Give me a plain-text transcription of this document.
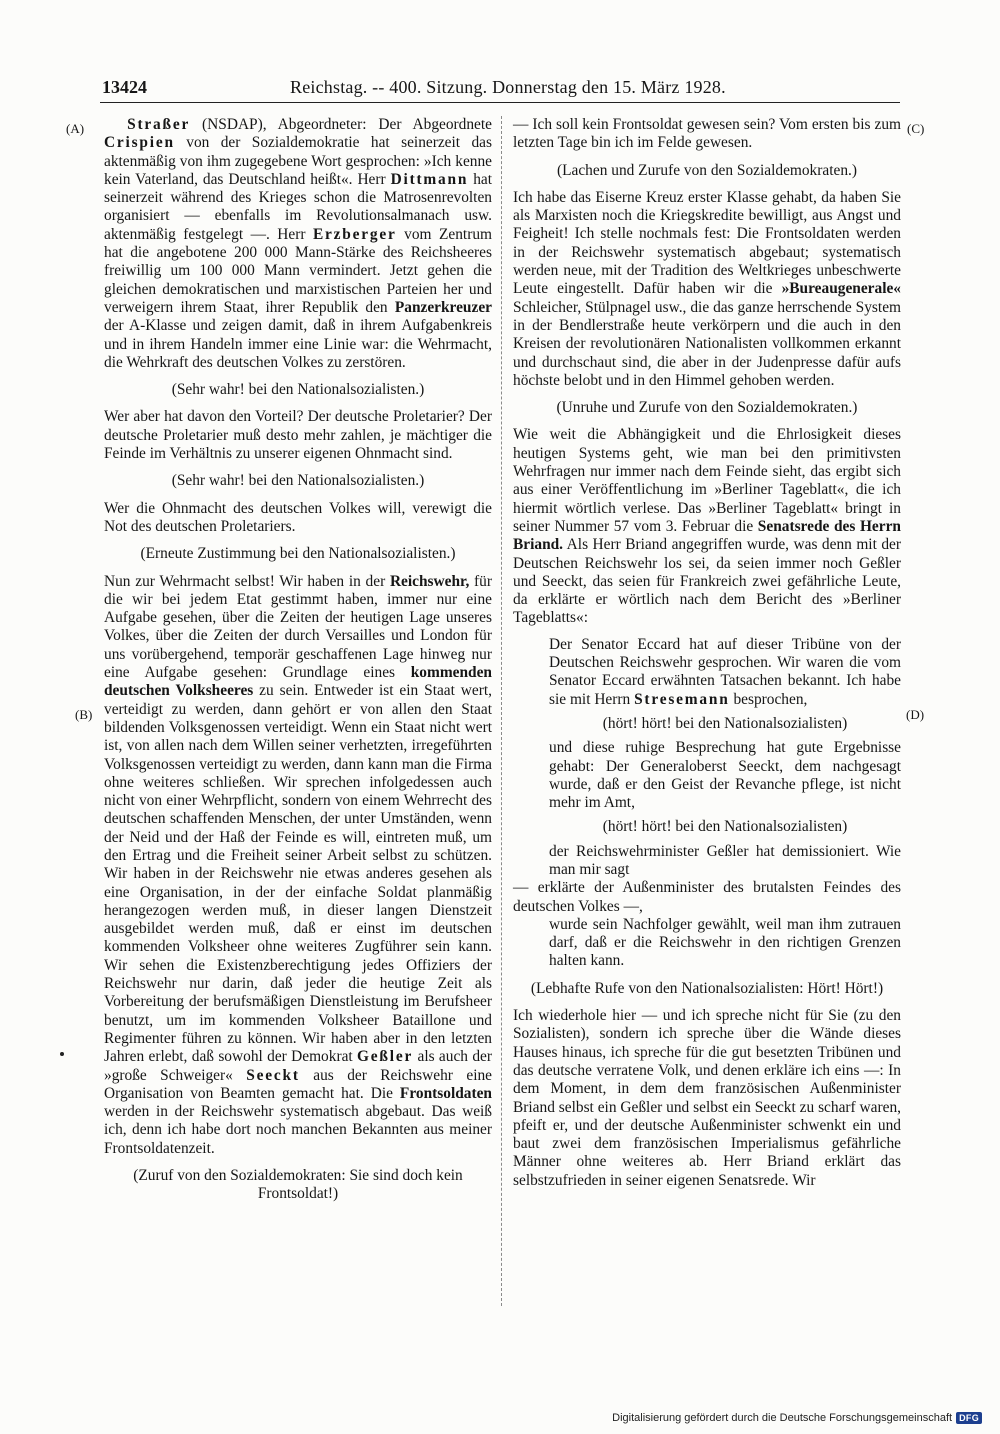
13424	Reichstag. -- 400. Sitzung. Donnerstag den 15. März 1928.
(A)
(B)
(C)
(D)

Straßer (NSDAP), Abgeordneter: Der Abgeordnete Crispien von der Sozialdemokratie hat seinerzeit das aktenmäßig von ihm zugegebene Wort gesprochen: »Ich kenne kein Vaterland, das Deutschland heißt«. Herr Dittmann hat seinerzeit während des Krieges schon die Matrosenrevolten organisiert — ebenfalls im Revolutionsalmanach usw. aktenmäßig festgelegt —. Herr Erzberger vom Zentrum hat die angebotene 200 000 Mann-Stärke des Reichsheeres freiwillig um 100 000 Mann vermindert. Jetzt gehen die gleichen demokratischen und marxistischen Parteien her und verweigern ihrem Staat, ihrer Republik den Panzerkreuzer der A-Klasse und zeigen damit, daß in ihrem Aufgabenkreis und in ihrem Handeln immer eine Linie war: die Wehrmacht, die Wehrkraft des deutschen Volkes zu zerstören.

(Sehr wahr! bei den Nationalsozialisten.)

Wer aber hat davon den Vorteil? Der deutsche Proletarier? Der deutsche Proletarier muß desto mehr zahlen, je mächtiger die Feinde im Verhältnis zu unserer eigenen Ohnmacht sind.

(Sehr wahr! bei den Nationalsozialisten.)

Wer die Ohnmacht des deutschen Volkes will, verewigt die Not des deutschen Proletariers.

(Erneute Zustimmung bei den Nationalsozialisten.)

Nun zur Wehrmacht selbst! Wir haben in der Reichswehr, für die wir bei jedem Etat gestimmt haben, immer nur eine Aufgabe gesehen, über die Zeiten der heutigen Lage unseres Volkes, über die Zeiten der durch Versailles und London für uns vorübergehend, temporär geschaffenen Lage hinweg nur eine Aufgabe gesehen: Grundlage eines kommenden deutschen Volksheeres zu sein. Entweder ist ein Staat wert, verteidigt zu werden, dann gehört er von allen den Staat bildenden Volksgenossen verteidigt. Wenn ein Staat nicht wert ist, von allen nach dem Willen seiner verhetzten, irregeführten Volksgenossen verteidigt zu werden, dann kann man die Firma ohne weiteres schließen. Wir sprechen infolgedessen auch nicht von einer Wehrpflicht, sondern von einem Wehrrecht des deutschen schaffenden Menschen, der unter Umständen, wenn der Neid und der Haß der Feinde es will, eintreten muß, um den Ertrag und die Freiheit seiner Arbeit selbst zu schützen. Wir haben in der Reichswehr nie etwas anderes gesehen als eine Organisation, in der der einfache Soldat planmäßig herangezogen werden muß, in dieser langen Dienstzeit ausgebildet werden muß, daß er einst im deutschen kommenden Volksheer ohne weiteres Zugführer sein kann. Wir sehen die Existenzberechtigung jedes Offiziers der Reichswehr nur darin, daß jeder die heutige Zeit als Vorbereitung der berufsmäßigen Dienstleistung im Berufsheer benutzt, um im kommenden Volksheer Bataillone und Regimenter führen zu können. Wir haben aber in den letzten Jahren erlebt, daß sowohl der Demokrat Geßler als auch der »große Schweiger« Seeckt aus der Reichswehr eine Organisation von Beamten gemacht hat. Die Frontsoldaten werden in der Reichswehr systematisch abgebaut. Das weiß ich, denn ich habe dort noch manchen Bekannten aus meiner Frontsoldatenzeit.

(Zuruf von den Sozialdemokraten: Sie sind doch kein Frontsoldat!)

— Ich soll kein Frontsoldat gewesen sein? Vom ersten bis zum letzten Tage bin ich im Felde gewesen.

(Lachen und Zurufe von den Sozialdemokraten.)

Ich habe das Eiserne Kreuz erster Klasse gehabt, da haben Sie als Marxisten noch die Kriegskredite bewilligt, aus Angst und Feigheit! Ich stelle nochmals fest: Die Frontsoldaten werden in der Reichswehr systematisch abgebaut; systematisch werden neue, mit der Tradition des Weltkrieges unbeschwerte Leute eingestellt. Dafür haben wir die »Bureaugenerale« Schleicher, Stülpnagel usw., die das ganze herrschende System in der Bendlerstraße heute verkörpern und die auch in den Kreisen der revolutionären Nationalisten vollkommen erkannt und durchschaut sind, die aber in der Judenpresse dafür aufs höchste belobt und in den Himmel gehoben werden.

(Unruhe und Zurufe von den Sozialdemokraten.)

Wie weit die Abhängigkeit und die Ehrlosigkeit dieses heutigen Systems geht, wie man bei den primitivsten Wehrfragen nur immer nach dem Feinde sieht, das ergibt sich aus einer Veröffentlichung im »Berliner Tageblatt«, die ich hiermit wörtlich verlese. Das »Berliner Tageblatt« bringt in seiner Nummer 57 vom 3. Februar die Senatsrede des Herrn Briand. Als Herr Briand angegriffen wurde, was denn mit der Deutschen Reichswehr los sei, da seien immer noch Geßler und Seeckt, das seien für Frankreich zwei gefährliche Leute, da erklärte er wörtlich nach dem Bericht des »Berliner Tageblatts«:

Der Senator Eccard hat auf dieser Tribüne von der Deutschen Reichswehr gesprochen. Wir waren die vom Senator Eccard erwähnten Tatsachen bekannt. Ich habe sie mit Herrn Stresemann besprochen,

(hört! hört! bei den Nationalsozialisten)

und diese ruhige Besprechung hat gute Ergebnisse gehabt: Der Generaloberst Seeckt, dem nachgesagt wurde, daß er den Geist der Revanche pflege, ist nicht mehr im Amt,

(hört! hört! bei den Nationalsozialisten)

der Reichswehrminister Geßler hat demissioniert. Wie man mir sagt

— erklärte der Außenminister des brutalsten Feindes des deutschen Volkes —,

wurde sein Nachfolger gewählt, weil man ihm zutrauen darf, daß er die Reichswehr in den richtigen Grenzen halten kann.

(Lebhafte Rufe von den Nationalsozialisten: Hört! Hört!)

Ich wiederhole hier — und ich spreche nicht für Sie (zu den Sozialisten), sondern ich spreche über die Wände dieses Hauses hinaus, ich spreche für die gut besetzten Tribünen und das deutsche verratene Volk, und denen erkläre ich eins —: In dem Moment, in dem dem französischen Außenminister Briand selbst ein Geßler und selbst ein Seeckt zu scharf waren, pfeift er, und der deutsche Außenminister schwenkt ein und baut zwei dem französischen Imperialismus gefährliche Männer ohne weiteres ab. Herr Briand erklärt das selbstzufrieden in seiner eigenen Senatsrede. Wir

Digitalisierung gefördert durch die Deutsche Forschungsgemeinschaft DFG
